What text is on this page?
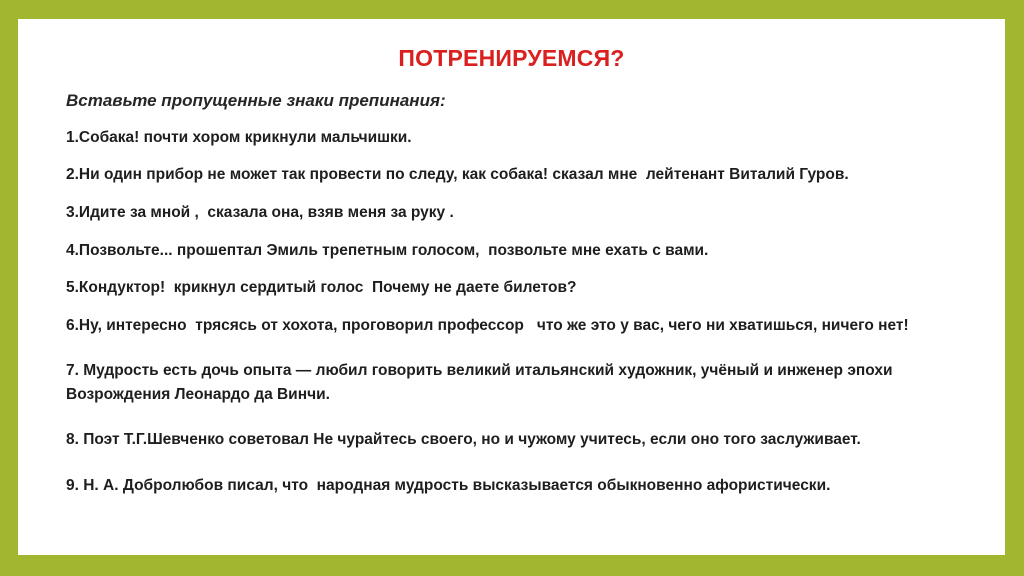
ПОТРЕНИРУЕМСЯ?
Вставьте пропущенные знаки препинания:
1.Собака! почти хором крикнули мальчишки.
2.Ни один прибор не может так провести по следу, как собака! сказал мне  лейтенант Виталий Гуров.
3.Идите за мной ,  сказала она, взяв меня за руку .
4.Позвольте... прошептал Эмиль трепетным голосом,  позвольте мне ехать с вами.
5.Кондуктор!  крикнул сердитый голос  Почему не даете билетов?
6.Ну, интересно  трясясь от хохота, проговорил профессор   что же это у вас, чего ни хватишься, ничего нет!
7. Мудрость есть дочь опыта — любил говорить великий итальянский художник, учёный и инженер эпохи Возрождения Леонардо да Винчи.
8. Поэт Т.Г.Шевченко советовал Не чурайтесь своего, но и чужому учитесь, если оно того заслуживает.
9. Н. А. Добролюбов писал, что  народная мудрость высказывается обыкновенно афористически.
